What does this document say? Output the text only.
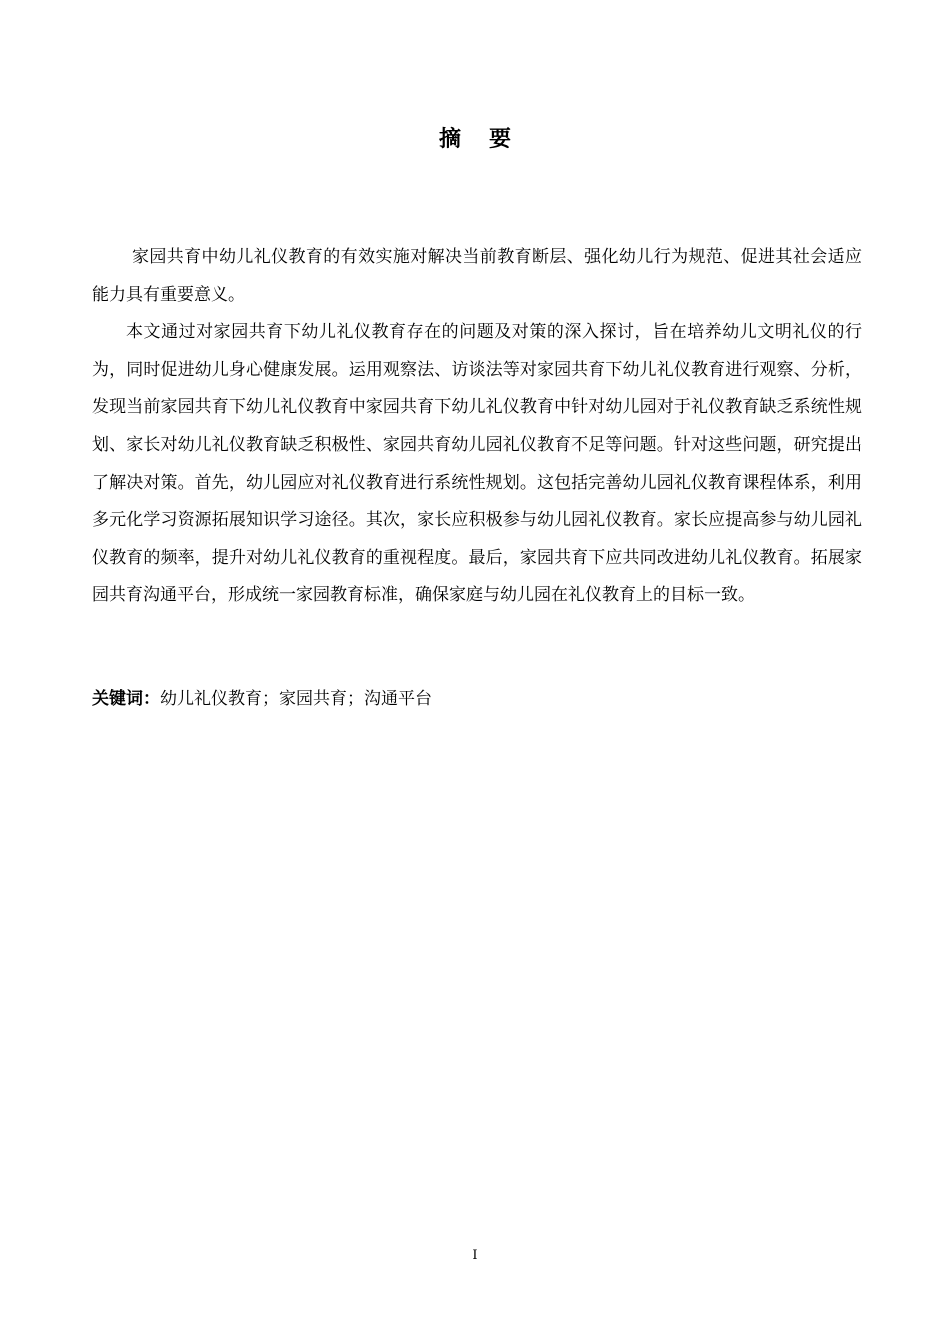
摘要

家园共育中幼儿礼仪教育的有效实施对解决当前教育断层、强化幼儿行为规范、促进其社会适应能力具有重要意义。

本文通过对家园共育下幼儿礼仪教育存在的问题及对策的深入探讨，旨在培养幼儿文明礼仪的行为，同时促进幼儿身心健康发展。运用观察法、访谈法等对家园共育下幼儿礼仪教育进行观察、分析，发现当前家园共育下幼儿礼仪教育中家园共育下幼儿礼仪教育中针对幼儿园对于礼仪教育缺乏系统性规划、家长对幼儿礼仪教育缺乏积极性、家园共育幼儿园礼仪教育不足等问题。针对这些问题，研究提出了解决对策。首先，幼儿园应对礼仪教育进行系统性规划。这包括完善幼儿园礼仪教育课程体系，利用多元化学习资源拓展知识学习途径。其次，家长应积极参与幼儿园礼仪教育。家长应提高参与幼儿园礼仪教育的频率，提升对幼儿礼仪教育的重视程度。最后，家园共育下应共同改进幼儿礼仪教育。拓展家园共育沟通平台，形成统一家园教育标准，确保家庭与幼儿园在礼仪教育上的目标一致。

关键词：幼儿礼仪教育；家园共育；沟通平台
I
